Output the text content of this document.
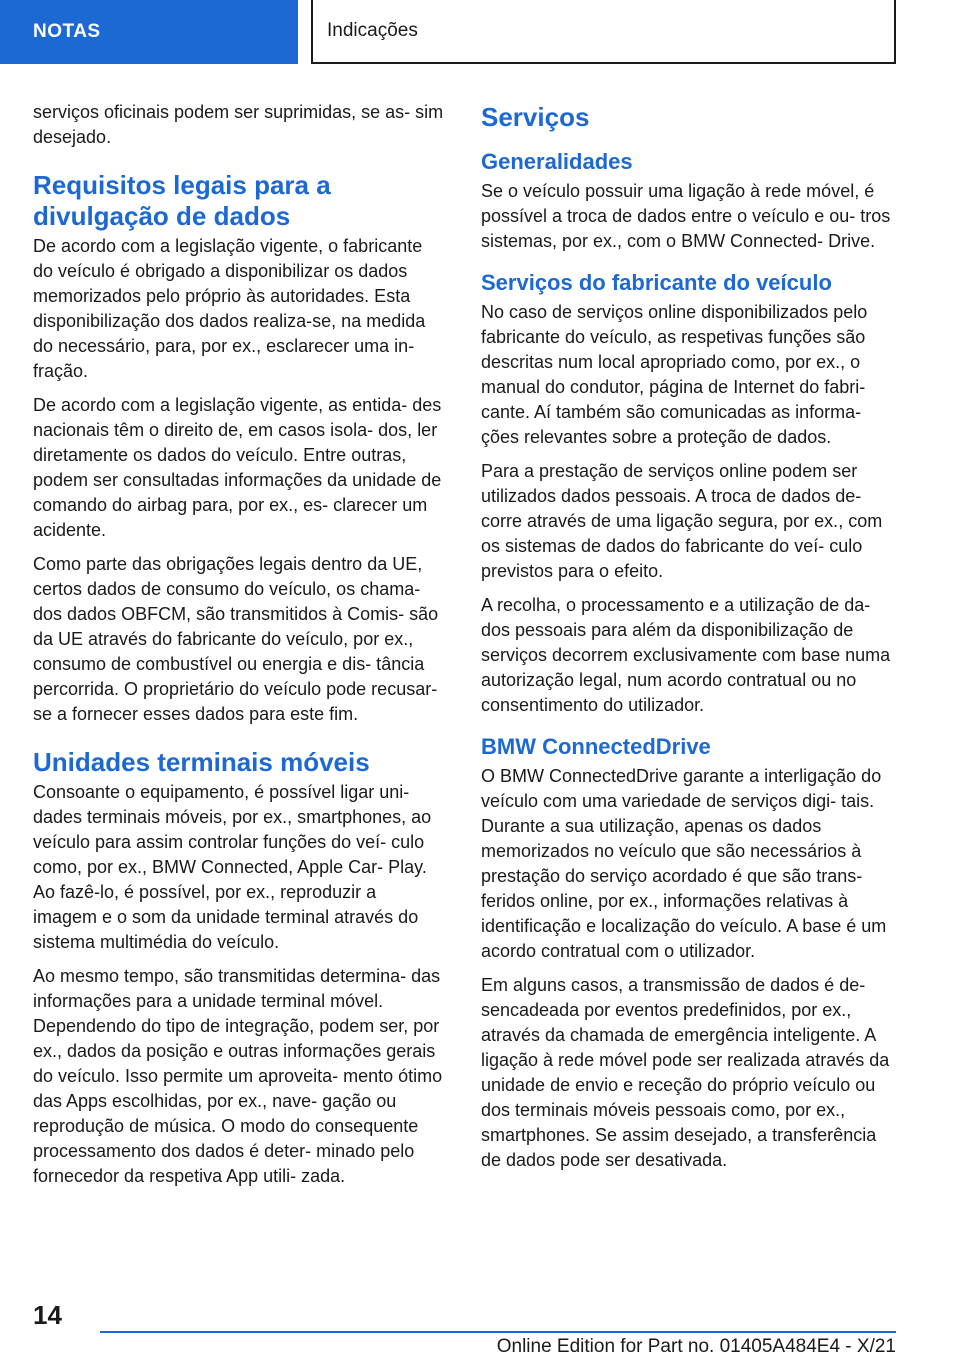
NOTAS	Indicações

serviços oficinais podem ser suprimidas, se as‐ sim desejado.

Requisitos legais para a divulgação de dados

De acordo com a legislação vigente, o fabricante do veículo é obrigado a disponibilizar os dados memorizados pelo próprio às autoridades. Esta disponibilização dos dados realiza-se, na medida do necessário, para, por ex., esclarecer uma in‐ fração.

De acordo com a legislação vigente, as entida‐ des nacionais têm o direito de, em casos isola‐ dos, ler diretamente os dados do veículo. Entre outras, podem ser consultadas informações da unidade de comando do airbag para, por ex., es‐ clarecer um acidente.

Como parte das obrigações legais dentro da UE, certos dados de consumo do veículo, os chama‐ dos dados OBFCM, são transmitidos à Comis‐ são da UE através do fabricante do veículo, por ex., consumo de combustível ou energia e dis‐ tância percorrida. O proprietário do veículo pode recusar-se a fornecer esses dados para este fim.

Unidades terminais móveis

Consoante o equipamento, é possível ligar uni‐ dades terminais móveis, por ex., smartphones, ao veículo para assim controlar funções do veí‐ culo como, por ex., BMW Connected, Apple Car‐ Play. Ao fazê-lo, é possível, por ex., reproduzir a imagem e o som da unidade terminal através do sistema multimédia do veículo.

Ao mesmo tempo, são transmitidas determina‐ das informações para a unidade terminal móvel. Dependendo do tipo de integração, podem ser, por ex., dados da posição e outras informações gerais do veículo. Isso permite um aproveita‐ mento ótimo das Apps escolhidas, por ex., nave‐ gação ou reprodução de música. O modo do consequente processamento dos dados é deter‐ minado pelo fornecedor da respetiva App utili‐ zada.

Serviços
Generalidades

Se o veículo possuir uma ligação à rede móvel, é possível a troca de dados entre o veículo e ou‐ tros sistemas, por ex., com o BMW Connected‐ Drive.

Serviços do fabricante do veículo

No caso de serviços online disponibilizados pelo fabricante do veículo, as respetivas funções são descritas num local apropriado como, por ex., o manual do condutor, página de Internet do fabri‐ cante. Aí também são comunicadas as informa‐ ções relevantes sobre a proteção de dados.

Para a prestação de serviços online podem ser utilizados dados pessoais. A troca de dados de‐ corre através de uma ligação segura, por ex., com os sistemas de dados do fabricante do veí‐ culo previstos para o efeito.

A recolha, o processamento e a utilização de da‐ dos pessoais para além da disponibilização de serviços decorrem exclusivamente com base numa autorização legal, num acordo contratual ou no consentimento do utilizador.

BMW ConnectedDrive

O BMW ConnectedDrive garante a interligação do veículo com uma variedade de serviços digi‐ tais. Durante a sua utilização, apenas os dados memorizados no veículo que são necessários à prestação do serviço acordado é que são trans‐ feridos online, por ex., informações relativas à identificação e localização do veículo. A base é um acordo contratual com o utilizador.

Em alguns casos, a transmissão de dados é de‐ sencadeada por eventos predefinidos, por ex., através da chamada de emergência inteligente. A ligação à rede móvel pode ser realizada através da unidade de envio e receção do próprio veículo ou dos terminais móveis pessoais como, por ex., smartphones. Se assim desejado, a transferência de dados pode ser desativada.

14
Online Edition for Part no. 01405A484E4 - X/21
